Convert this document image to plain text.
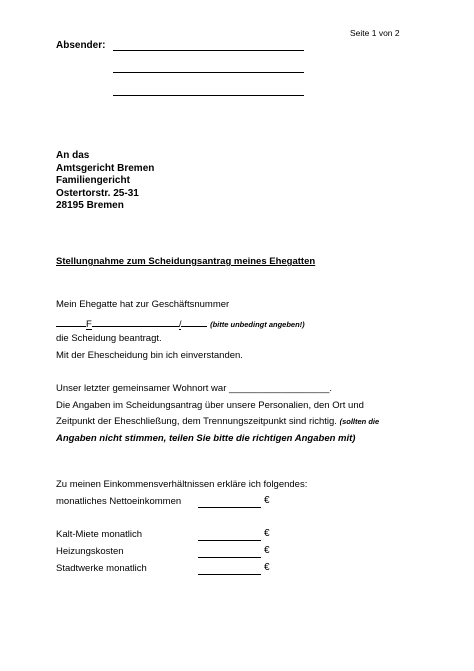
Seite 1 von 2
Absender:
An das
Amtsgericht Bremen
Familiengericht
Ostertorstr. 25-31
28195 Bremen
Stellungnahme zum Scheidungsantrag meines Ehegatten
Mein Ehegatte hat zur Geschäftsnummer
F	/	(bitte unbedingt angeben!)
die Scheidung beantragt.
Mit der Ehescheidung bin ich einverstanden.
Unser letzter gemeinsamer Wohnort war ___________________.
Die Angaben im Scheidungsantrag über unsere Personalien, den Ort und
Zeitpunkt der Eheschließung, dem Trennungszeitpunkt sind richtig. (sollten die
Angaben nicht stimmen, teilen Sie bitte die richtigen Angaben mit)
Zu meinen Einkommensverhältnissen erkläre ich folgendes:
monatliches Nettoeinkommen	€
Kalt-Miete monatlich	€
Heizungskosten	€
Stadtwerke monatlich	€
